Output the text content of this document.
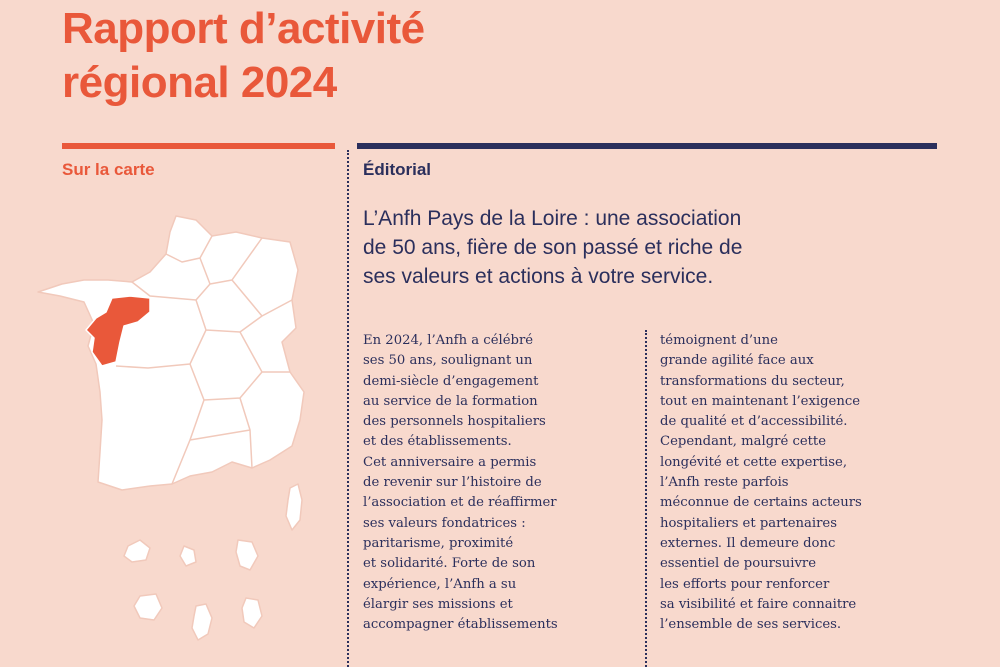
Rapport d’activité
régional 2024
Sur la carte	Éditorial
L’Anfh Pays de la Loire : une association
de 50 ans, fière de son passé et riche de
ses valeurs et actions à votre service.
En 2024, l’Anfh a célébré
ses 50 ans, soulignant un
demi-siècle d’engagement
au service de la formation
des personnels hospitaliers
et des établissements.
Cet anniversaire a permis
de revenir sur l’histoire de
l’association et de réaffirmer
ses valeurs fondatrices :
paritarisme, proximité
et solidarité. Forte de son
expérience, l’Anfh a su
élargir ses missions et
accompagner établissements
témoignent d’une
grande agilité face aux
transformations du secteur,
tout en maintenant l’exigence
de qualité et d’accessibilité.
Cependant, malgré cette
longévité et cette expertise,
l’Anfh reste parfois
méconnue de certains acteurs
hospitaliers et partenaires
externes. Il demeure donc
essentiel de poursuivre
les efforts pour renforcer
sa visibilité et faire connaitre
l’ensemble de ses services.
